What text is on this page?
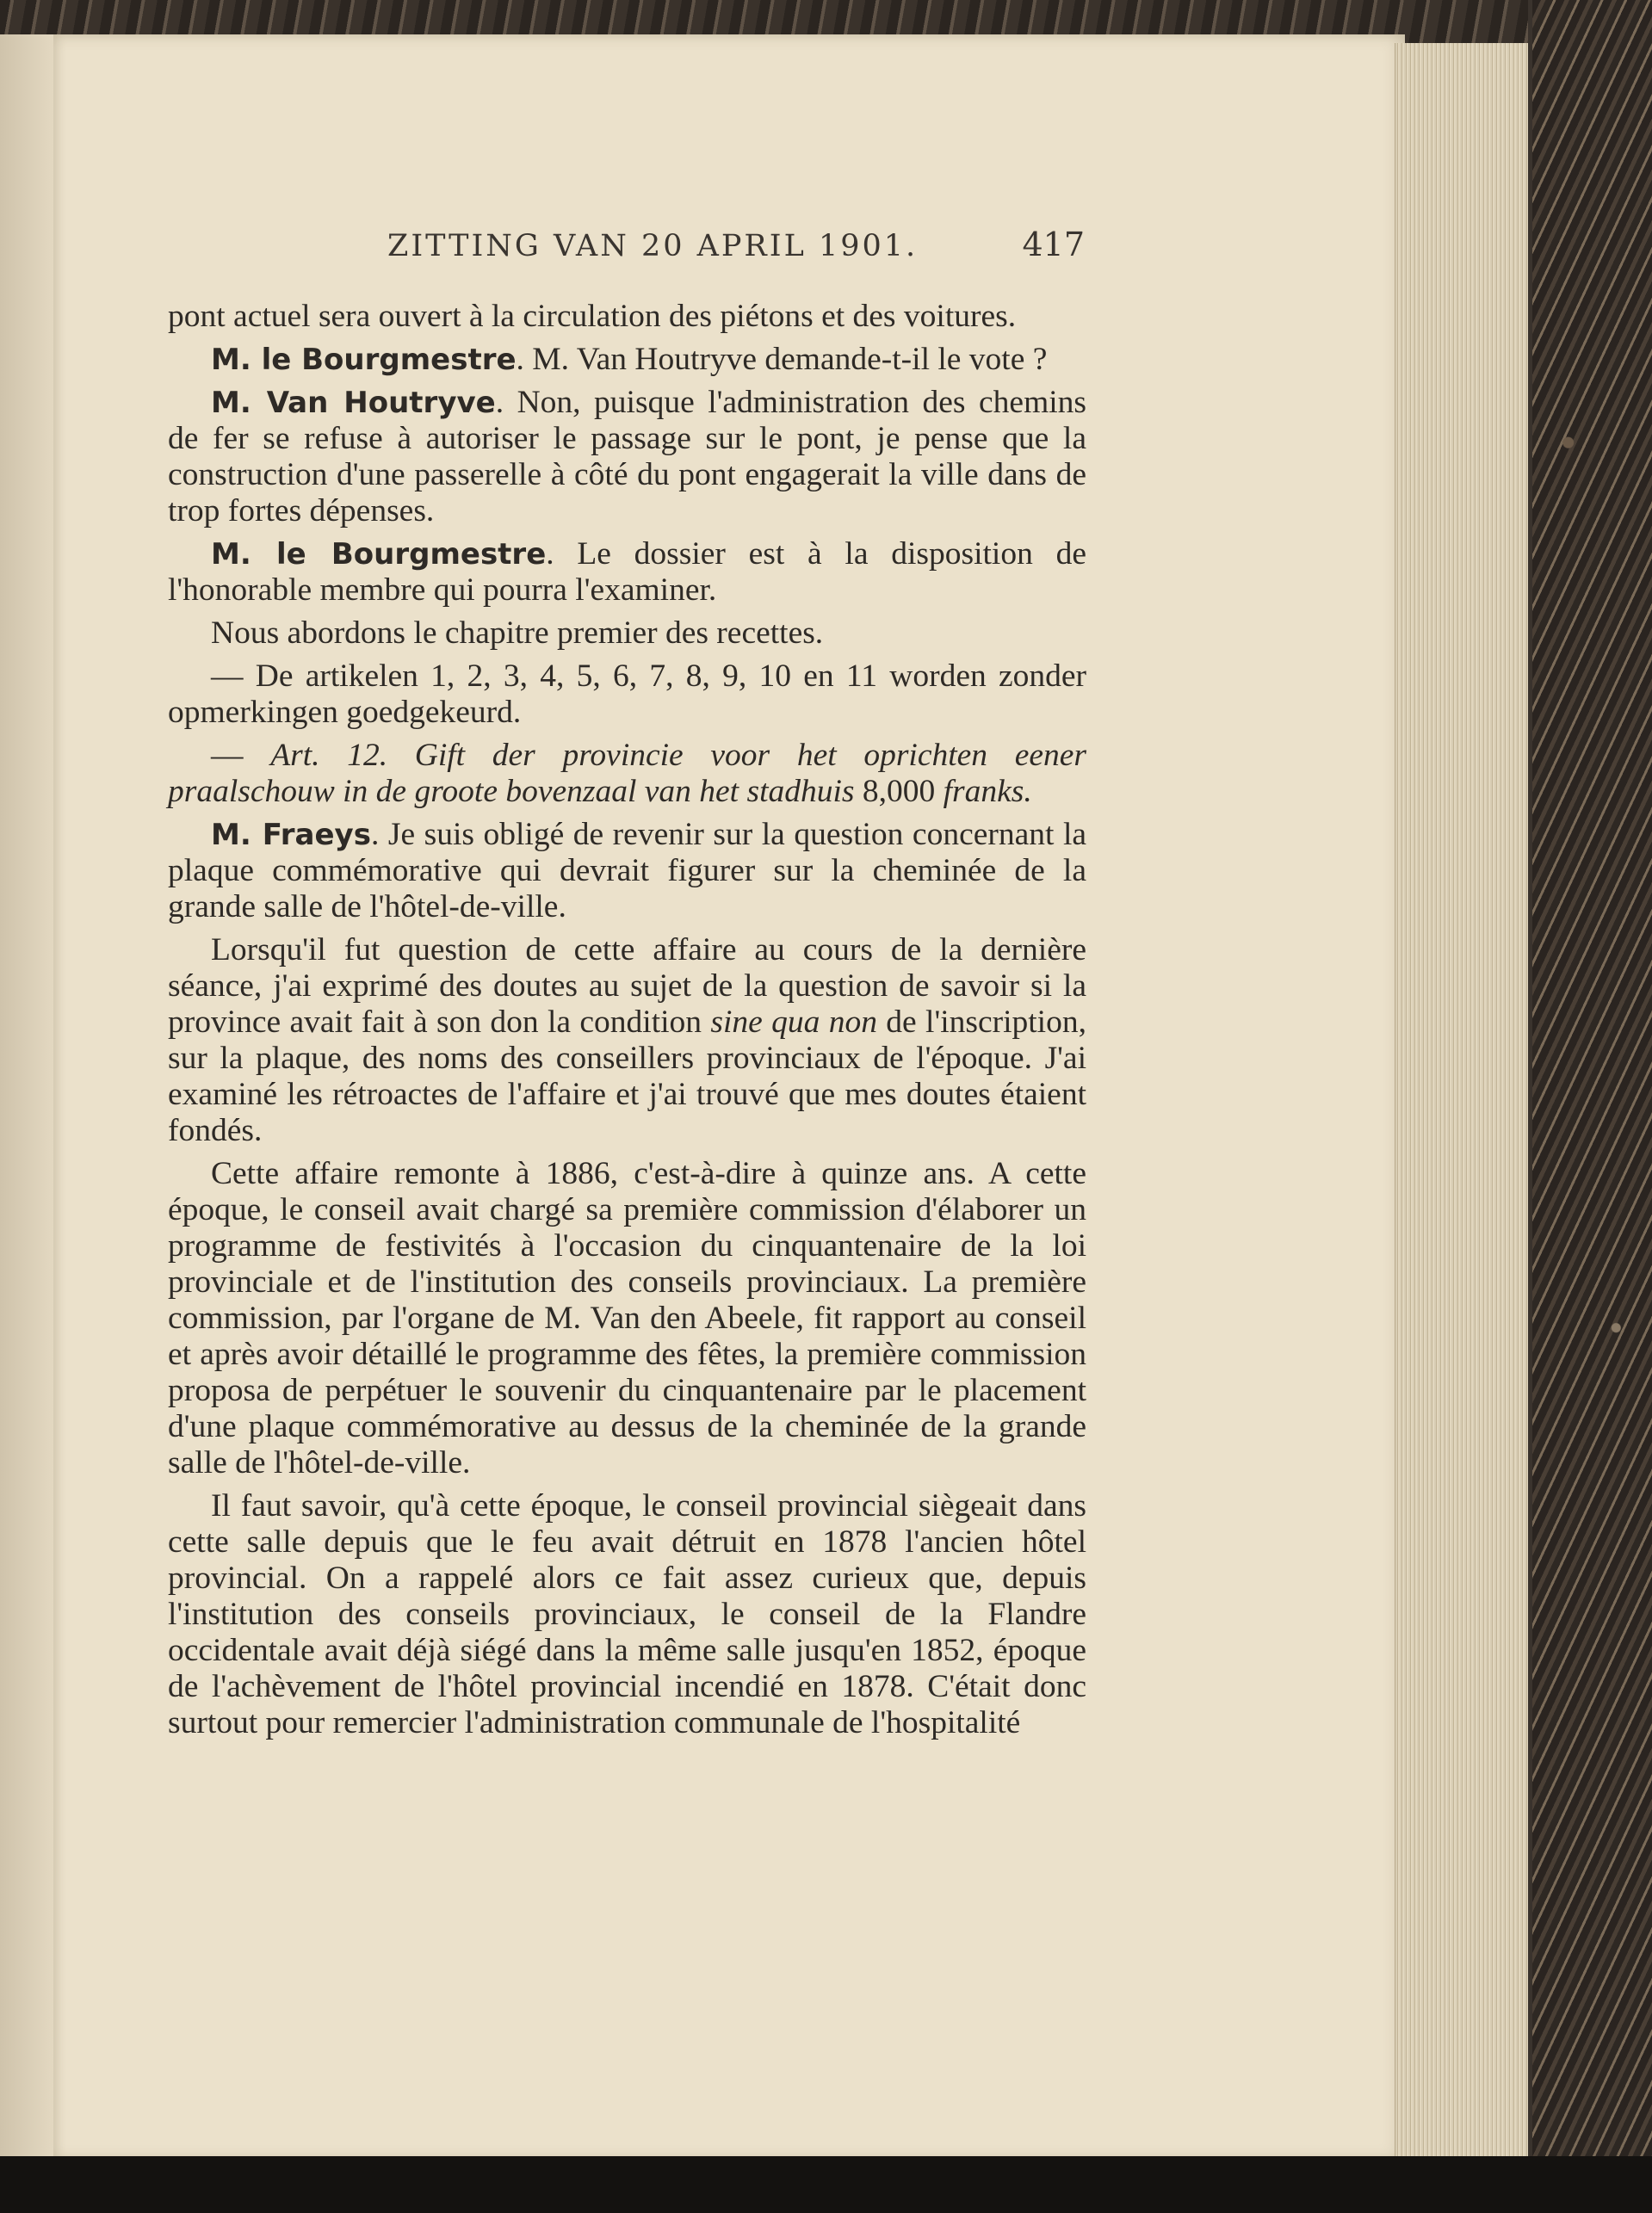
ZITTING VAN 20 APRIL 1901.	417

pont actuel sera ouvert à la circulation des piétons et des voitures.

M. le Bourgmestre. M. Van Houtryve demande-t-il le vote ?

M. Van Houtryve. Non, puisque l'administration des chemins de fer se refuse à autoriser le passage sur le pont, je pense que la construction d'une passerelle à côté du pont engagerait la ville dans de trop fortes dépenses.

M. le Bourgmestre. Le dossier est à la disposition de l'honorable membre qui pourra l'examiner.

Nous abordons le chapitre premier des recettes.

— De artikelen 1, 2, 3, 4, 5, 6, 7, 8, 9, 10 en 11 worden zonder opmerkingen goedgekeurd.

— Art. 12. Gift der provincie voor het oprichten eener praalschouw in de groote bovenzaal van het stadhuis 8,000 franks.

M. Fraeys. Je suis obligé de revenir sur la question concernant la plaque commémorative qui devrait figurer sur la cheminée de la grande salle de l'hôtel-de-ville.

Lorsqu'il fut question de cette affaire au cours de la dernière séance, j'ai exprimé des doutes au sujet de la question de savoir si la province avait fait à son don la condition sine qua non de l'inscription, sur la plaque, des noms des conseillers provinciaux de l'époque. J'ai examiné les rétroactes de l'affaire et j'ai trouvé que mes doutes étaient fondés.

Cette affaire remonte à 1886, c'est-à-dire à quinze ans. A cette époque, le conseil avait chargé sa première commission d'élaborer un programme de festivités à l'occasion du cinquantenaire de la loi provinciale et de l'institution des conseils provinciaux. La première commission, par l'organe de M. Van den Abeele, fit rapport au conseil et après avoir détaillé le programme des fêtes, la première commission proposa de perpétuer le souvenir du cinquantenaire par le placement d'une plaque commémorative au dessus de la cheminée de la grande salle de l'hôtel-de-ville.

Il faut savoir, qu'à cette époque, le conseil provincial siègeait dans cette salle depuis que le feu avait détruit en 1878 l'ancien hôtel provincial. On a rappelé alors ce fait assez curieux que, depuis l'institution des conseils provinciaux, le conseil de la Flandre occidentale avait déjà siégé dans la même salle jusqu'en 1852, époque de l'achèvement de l'hôtel provincial incendié en 1878. C'était donc surtout pour remercier l'administration communale de l'hospitalité
